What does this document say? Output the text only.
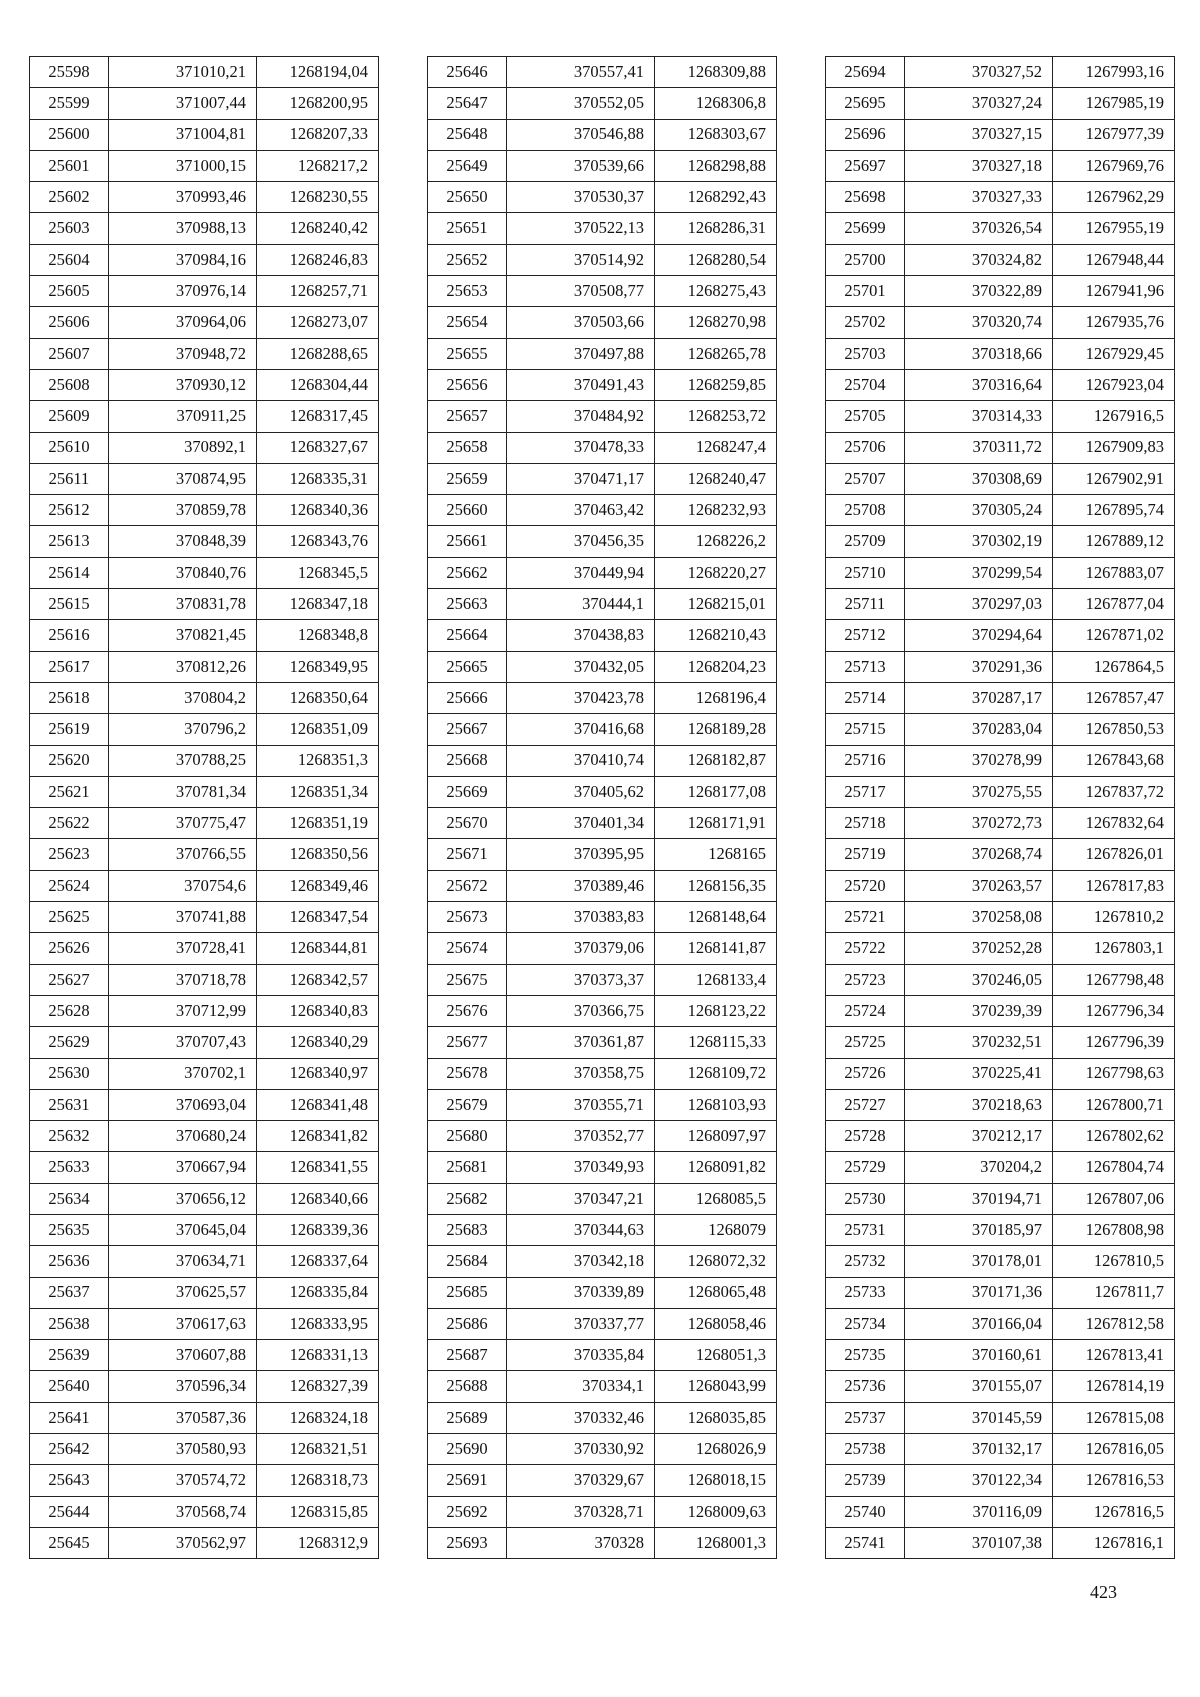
25598	371010,21	1268194,04
25599	371007,44	1268200,95
25600	371004,81	1268207,33
25601	371000,15	1268217,2
25602	370993,46	1268230,55
25603	370988,13	1268240,42
25604	370984,16	1268246,83
25605	370976,14	1268257,71
25606	370964,06	1268273,07
25607	370948,72	1268288,65
25608	370930,12	1268304,44
25609	370911,25	1268317,45
25610	370892,1	1268327,67
25611	370874,95	1268335,31
25612	370859,78	1268340,36
25613	370848,39	1268343,76
25614	370840,76	1268345,5
25615	370831,78	1268347,18
25616	370821,45	1268348,8
25617	370812,26	1268349,95
25618	370804,2	1268350,64
25619	370796,2	1268351,09
25620	370788,25	1268351,3
25621	370781,34	1268351,34
25622	370775,47	1268351,19
25623	370766,55	1268350,56
25624	370754,6	1268349,46
25625	370741,88	1268347,54
25626	370728,41	1268344,81
25627	370718,78	1268342,57
25628	370712,99	1268340,83
25629	370707,43	1268340,29
25630	370702,1	1268340,97
25631	370693,04	1268341,48
25632	370680,24	1268341,82
25633	370667,94	1268341,55
25634	370656,12	1268340,66
25635	370645,04	1268339,36
25636	370634,71	1268337,64
25637	370625,57	1268335,84
25638	370617,63	1268333,95
25639	370607,88	1268331,13
25640	370596,34	1268327,39
25641	370587,36	1268324,18
25642	370580,93	1268321,51
25643	370574,72	1268318,73
25644	370568,74	1268315,85
25645	370562,97	1268312,9
25646	370557,41	1268309,88
25647	370552,05	1268306,8
25648	370546,88	1268303,67
25649	370539,66	1268298,88
25650	370530,37	1268292,43
25651	370522,13	1268286,31
25652	370514,92	1268280,54
25653	370508,77	1268275,43
25654	370503,66	1268270,98
25655	370497,88	1268265,78
25656	370491,43	1268259,85
25657	370484,92	1268253,72
25658	370478,33	1268247,4
25659	370471,17	1268240,47
25660	370463,42	1268232,93
25661	370456,35	1268226,2
25662	370449,94	1268220,27
25663	370444,1	1268215,01
25664	370438,83	1268210,43
25665	370432,05	1268204,23
25666	370423,78	1268196,4
25667	370416,68	1268189,28
25668	370410,74	1268182,87
25669	370405,62	1268177,08
25670	370401,34	1268171,91
25671	370395,95	1268165
25672	370389,46	1268156,35
25673	370383,83	1268148,64
25674	370379,06	1268141,87
25675	370373,37	1268133,4
25676	370366,75	1268123,22
25677	370361,87	1268115,33
25678	370358,75	1268109,72
25679	370355,71	1268103,93
25680	370352,77	1268097,97
25681	370349,93	1268091,82
25682	370347,21	1268085,5
25683	370344,63	1268079
25684	370342,18	1268072,32
25685	370339,89	1268065,48
25686	370337,77	1268058,46
25687	370335,84	1268051,3
25688	370334,1	1268043,99
25689	370332,46	1268035,85
25690	370330,92	1268026,9
25691	370329,67	1268018,15
25692	370328,71	1268009,63
25693	370328	1268001,3
25694	370327,52	1267993,16
25695	370327,24	1267985,19
25696	370327,15	1267977,39
25697	370327,18	1267969,76
25698	370327,33	1267962,29
25699	370326,54	1267955,19
25700	370324,82	1267948,44
25701	370322,89	1267941,96
25702	370320,74	1267935,76
25703	370318,66	1267929,45
25704	370316,64	1267923,04
25705	370314,33	1267916,5
25706	370311,72	1267909,83
25707	370308,69	1267902,91
25708	370305,24	1267895,74
25709	370302,19	1267889,12
25710	370299,54	1267883,07
25711	370297,03	1267877,04
25712	370294,64	1267871,02
25713	370291,36	1267864,5
25714	370287,17	1267857,47
25715	370283,04	1267850,53
25716	370278,99	1267843,68
25717	370275,55	1267837,72
25718	370272,73	1267832,64
25719	370268,74	1267826,01
25720	370263,57	1267817,83
25721	370258,08	1267810,2
25722	370252,28	1267803,1
25723	370246,05	1267798,48
25724	370239,39	1267796,34
25725	370232,51	1267796,39
25726	370225,41	1267798,63
25727	370218,63	1267800,71
25728	370212,17	1267802,62
25729	370204,2	1267804,74
25730	370194,71	1267807,06
25731	370185,97	1267808,98
25732	370178,01	1267810,5
25733	370171,36	1267811,7
25734	370166,04	1267812,58
25735	370160,61	1267813,41
25736	370155,07	1267814,19
25737	370145,59	1267815,08
25738	370132,17	1267816,05
25739	370122,34	1267816,53
25740	370116,09	1267816,5
25741	370107,38	1267816,1
423
